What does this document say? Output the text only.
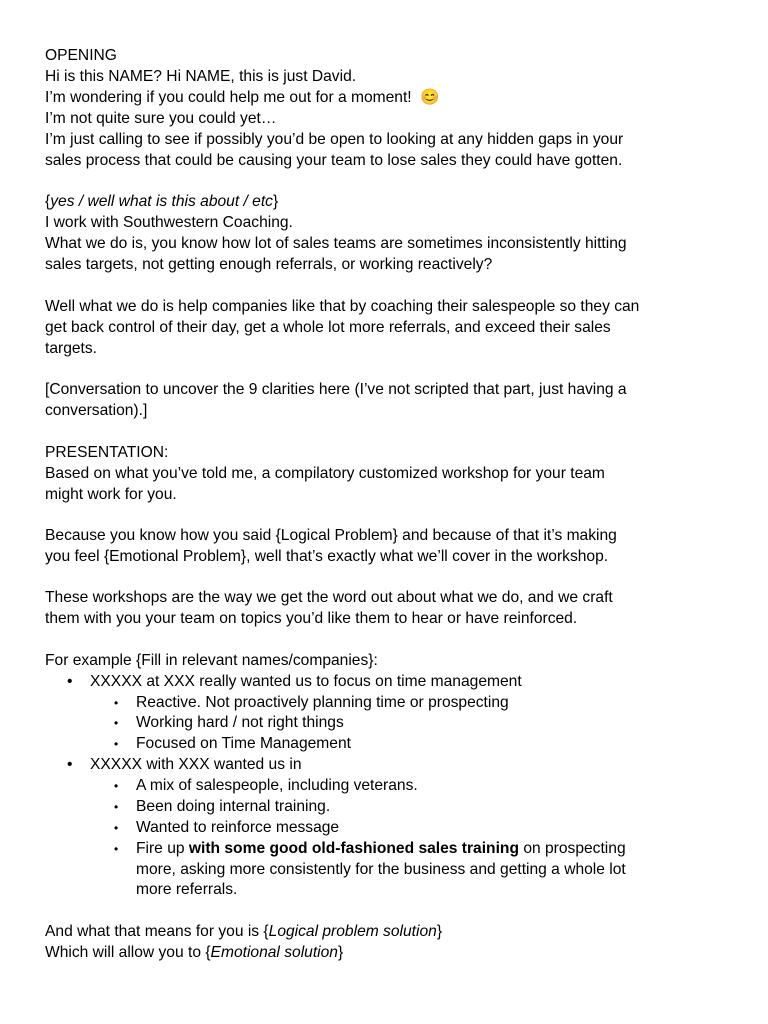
OPENING
Hi is this NAME? Hi NAME, this is just David.
I’m wondering if you could help me out for a moment! 😊
I’m not quite sure you could yet…
I’m just calling to see if possibly you’d be open to looking at any hidden gaps in your
sales process that could be causing your team to lose sales they could have gotten.
{yes / well what is this about / etc}
I work with Southwestern Coaching.
What we do is, you know how lot of sales teams are sometimes inconsistently hitting
sales targets, not getting enough referrals, or working reactively?
Well what we do is help companies like that by coaching their salespeople so they can
get back control of their day, get a whole lot more referrals, and exceed their sales
targets.
[Conversation to uncover the 9 clarities here (I’ve not scripted that part, just having a
conversation).]
PRESENTATION:
Based on what you’ve told me, a compilatory customized workshop for your team
might work for you.
Because you know how you said {Logical Problem} and because of that it’s making
you feel {Emotional Problem}, well that’s exactly what we’ll cover in the workshop.
These workshops are the way we get the word out about what we do, and we craft
them with you your team on topics you’d like them to hear or have reinforced.
For example {Fill in relevant names/companies}:
• XXXXX at XXX really wanted us to focus on time management
• Reactive. Not proactively planning time or prospecting
• Working hard / not right things
• Focused on Time Management
• XXXXX with XXX wanted us in
• A mix of salespeople, including veterans.
• Been doing internal training.
• Wanted to reinforce message
• Fire up with some good old-fashioned sales training on prospecting
more, asking more consistently for the business and getting a whole lot
more referrals.
And what that means for you is {Logical problem solution}
Which will allow you to {Emotional solution}
